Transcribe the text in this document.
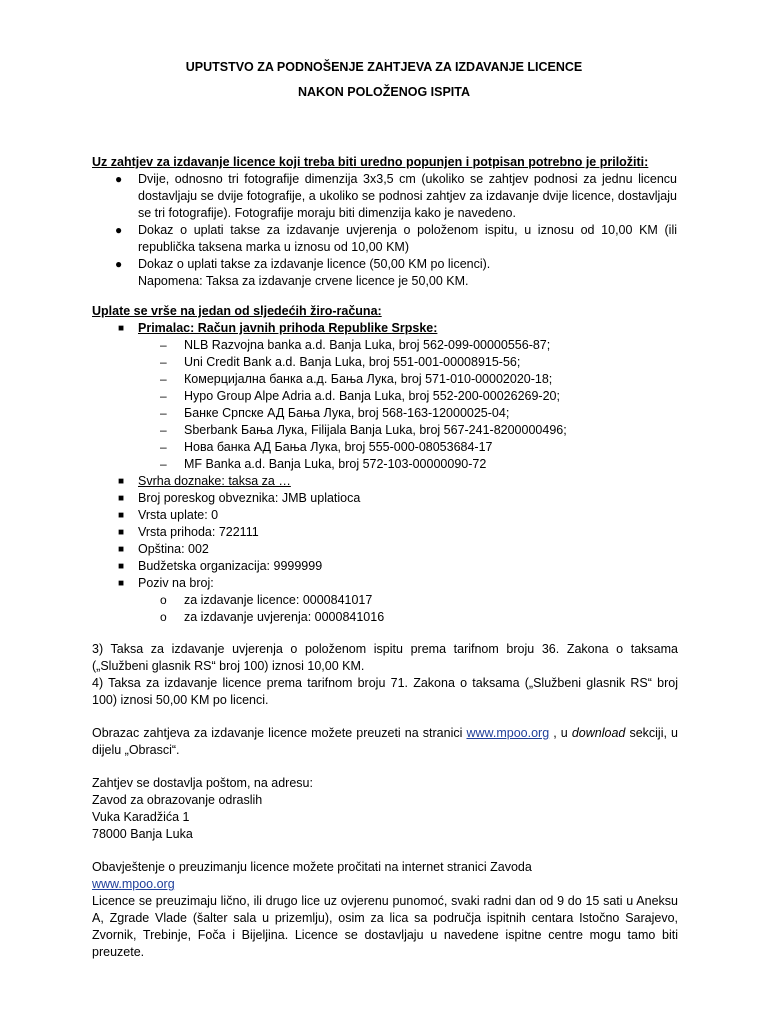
UPUTSTVO ZA PODNOŠENJE ZAHTJEVA ZA IZDAVANJE LICENCE
NAKON POLOŽENOG ISPITA
Uz zahtjev za izdavanje licence koji treba biti uredno popunjen i potpisan potrebno je priložiti:
● Dvije, odnosno tri fotografije dimenzija 3x3,5 cm (ukoliko se zahtjev podnosi za jednu licencu dostavljaju se dvije fotografije, a ukoliko se podnosi zahtjev za izdavanje dvije licence, dostavljaju se tri fotografije). Fotografije moraju biti dimenzija kako je navedeno.
● Dokaz o uplati takse za izdavanje uvjerenja o položenom ispitu, u iznosu od 10,00 KM (ili republička taksena marka u iznosu od 10,00 KM)
● Dokaz o uplati takse za izdavanje licence (50,00 KM po licenci).
Napomena: Taksa za izdavanje crvene licence je 50,00 KM.
Uplate se vrše na jedan od sljedećih žiro-računa:
■ Primalac: Račun javnih prihoda Republike Srpske:
– NLB Razvojna banka a.d. Banja Luka, broj 562-099-00000556-87;
– Uni Credit Bank a.d. Banja Luka, broj 551-001-00008915-56;
– Комерцијална банка а.д. Бања Лука, broj 571-010-00002020-18;
– Hypo Group Alpe Adria a.d. Banja Luka, broj 552-200-00026269-20;
– Банке Српске АД Бања Лука, broj 568-163-12000025-04;
– Sberbank Бања Лука, Filijala Banja Luka, broj 567-241-8200000496;
– Нова банка АД Бања Лука, broj 555-000-08053684-17
– MF Banka a.d. Banja Luka, broj 572-103-00000090-72
■ Svrha doznake: taksa za …
■ Broj poreskog obveznika: JMB uplatioca
■ Vrsta uplate: 0
■ Vrsta prihoda: 722111
■ Opština: 002
■ Budžetska organizacija: 9999999
■ Poziv na broj:
o za izdavanje licence: 0000841017
o za izdavanje uvjerenja: 0000841016
3) Taksa za izdavanje uvjerenja o položenom ispitu prema tarifnom broju 36. Zakona o taksama („Službeni glasnik RS“ broj 100) iznosi 10,00 KM.
4) Taksa za izdavanje licence prema tarifnom broju 71. Zakona o taksama („Službeni glasnik RS“ broj 100) iznosi 50,00 KM po licenci.
Obrazac zahtjeva za izdavanje licence možete preuzeti na stranici www.mpoo.org , u download sekciji, u dijelu „Obrasci“.
Zahtjev se dostavlja poštom, na adresu:
Zavod za obrazovanje odraslih
Vuka Karadžića 1
78000 Banja Luka
Obavještenje o preuzimanju licence možete pročitati na internet stranici Zavoda
www.mpoo.org
Licence se preuzimaju lično, ili drugo lice uz ovjerenu punomoć, svaki radni dan od 9 do 15 sati u Aneksu A, Zgrade Vlade (šalter sala u prizemlju), osim za lica sa područja ispitnih centara Istočno Sarajevo, Zvornik, Trebinje, Foča i Bijeljina. Licence se dostavljaju u navedene ispitne centre mogu tamo biti preuzete.
